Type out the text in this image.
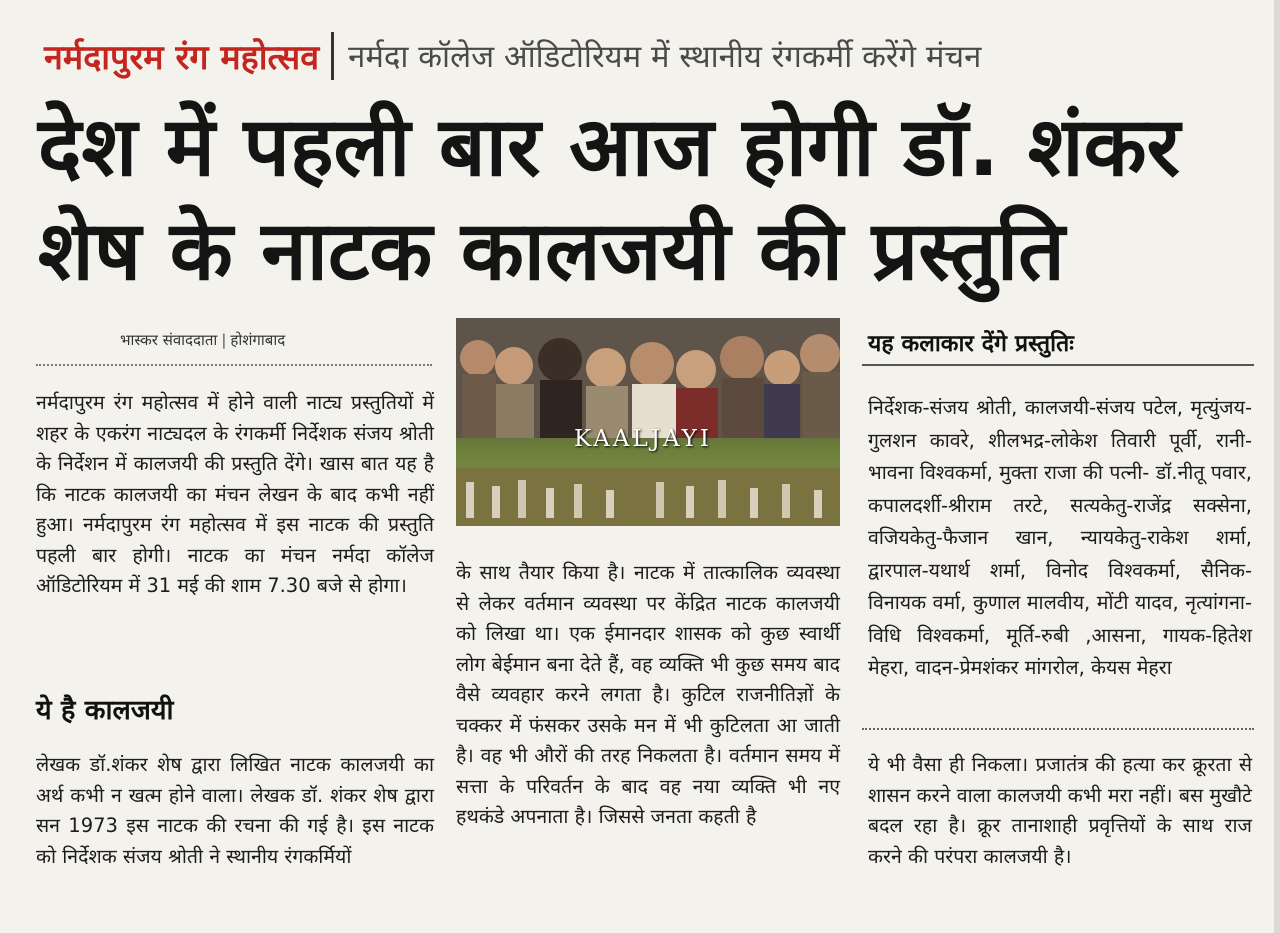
नर्मदापुरम रंग महोत्सव नर्मदा कॉलेज ऑडिटोरियम में स्थानीय रंगकर्मी करेंगे मंचन
देश में पहली बार आज होगी डॉ. शंकर
शेष के नाटक कालजयी की प्रस्तुति
भास्कर संवाददाता | होशंगाबाद
नर्मदापुरम रंग महोत्सव में होने वाली नाट्य प्रस्तुतियों में शहर के एकरंग नाट्यदल के रंगकर्मी निर्देशक संजय श्रोती के निर्देशन में कालजयी की प्रस्तुति देंगे। खास बात यह है कि नाटक कालजयी का मंचन लेखन के बाद कभी नहीं हुआ। नर्मदापुरम रंग महोत्सव में इस नाटक की प्रस्तुति पहली बार होगी। नाटक का मंचन नर्मदा कॉलेज ऑडिटोरियम में 31 मई की शाम 7.30 बजे से होगा।
ये है कालजयी
लेखक डॉ.शंकर शेष द्वारा लिखित नाटक कालजयी का अर्थ कभी न खत्म होने वाला। लेखक डॉ. शंकर शेष द्वारा सन 1973 इस नाटक की रचना की गई है। इस नाटक को निर्देशक संजय श्रोती ने स्थानीय रंगकर्मियों
KAALJAYI
के साथ तैयार किया है। नाटक में तात्कालिक व्यवस्था से लेकर वर्तमान व्यवस्था पर केंद्रित नाटक कालजयी को लिखा था। एक ईमानदार शासक को कुछ स्वार्थी लोग बेईमान बना देते हैं, वह व्यक्ति भी कुछ समय बाद वैसे व्यवहार करने लगता है। कुटिल राजनीतिज्ञों के चक्कर में फंसकर उसके मन में भी कुटिलता आ जाती है। वह भी औरों की तरह निकलता है। वर्तमान समय में सत्ता के परिवर्तन के बाद वह नया व्यक्ति भी नए हथकंडे अपनाता है। जिससे जनता कहती है
यह कलाकार देंगे प्रस्तुतिः
निर्देशक-संजय श्रोती, कालजयी-संजय पटेल, मृत्युंजय-गुलशन कावरे, शीलभद्र-लोकेश तिवारी पूर्वी, रानी-भावना विश्वकर्मा, मुक्ता राजा की पत्नी- डॉ.नीतू पवार, कपालदर्शी-श्रीराम तरटे, सत्यकेतु-राजेंद्र सक्सेना, वजियकेतु-फैजान खान, न्यायकेतु-राकेश शर्मा, द्वारपाल-यथार्थ शर्मा, विनोद विश्वकर्मा, सैनिक- विनायक वर्मा, कुणाल मालवीय, मोंटी यादव, नृत्यांगना-विधि विश्वकर्मा, मूर्ति-रुबी ,आसना, गायक-हितेश मेहरा, वादन-प्रेमशंकर मांगरोल, केयस मेहरा
ये भी वैसा ही निकला। प्रजातंत्र की हत्या कर क्रूरता से शासन करने वाला कालजयी कभी मरा नहीं। बस मुखौटे बदल रहा है। क्रूर तानाशाही प्रवृत्तियों के साथ राज करने की परंपरा कालजयी है।
